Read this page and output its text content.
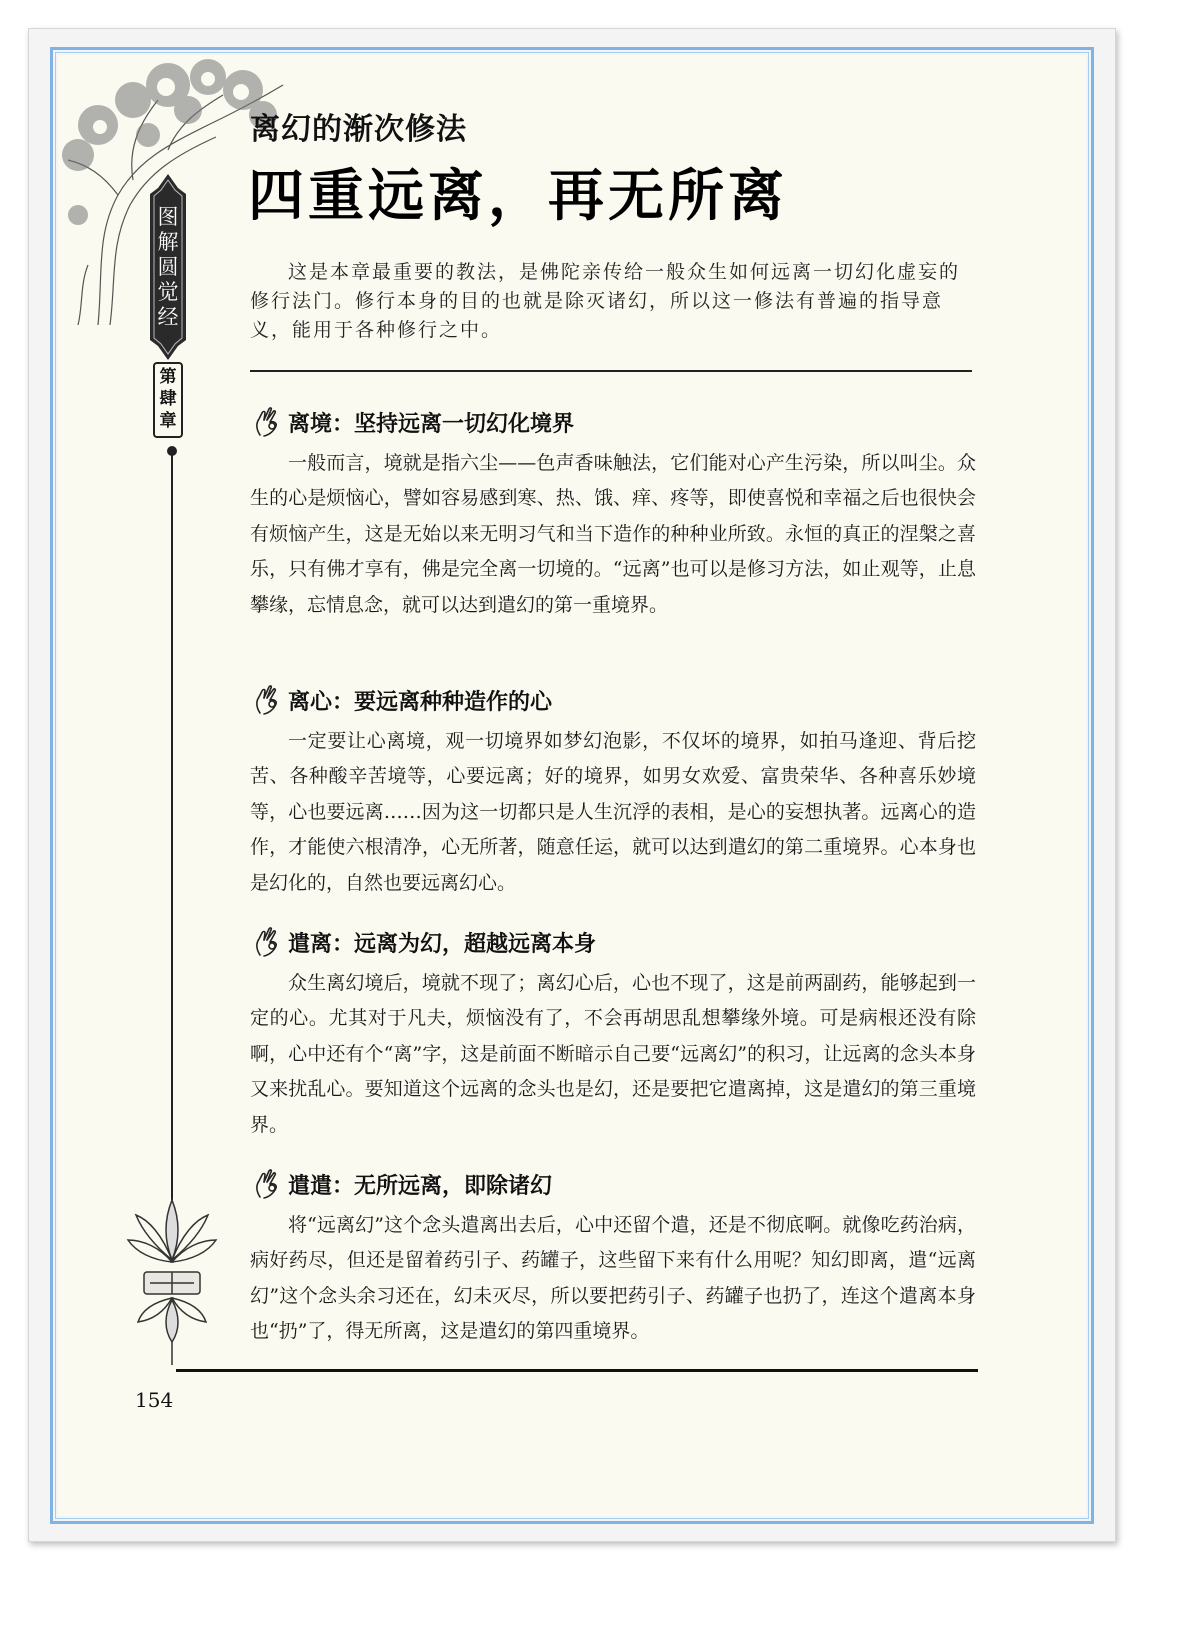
图
解
圆
觉
经
第
肆
章
离幻的渐次修法
四重远离，再无所离
这是本章最重要的教法，是佛陀亲传给一般众生如何远离一切幻化虚妄的修行法门。修行本身的目的也就是除灭诸幻，所以这一修法有普遍的指导意义，能用于各种修行之中。
离境：坚持远离一切幻化境界
一般而言，境就是指六尘——色声香味触法，它们能对心产生污染，所以叫尘。众生的心是烦恼心，譬如容易感到寒、热、饿、痒、疼等，即使喜悦和幸福之后也很快会有烦恼产生，这是无始以来无明习气和当下造作的种种业所致。永恒的真正的涅槃之喜乐，只有佛才享有，佛是完全离一切境的。“远离”也可以是修习方法，如止观等，止息攀缘，忘情息念，就可以达到遣幻的第一重境界。
离心：要远离种种造作的心
一定要让心离境，观一切境界如梦幻泡影，不仅坏的境界，如拍马逢迎、背后挖苦、各种酸辛苦境等，心要远离；好的境界，如男女欢爱、富贵荣华、各种喜乐妙境等，心也要远离……因为这一切都只是人生沉浮的表相，是心的妄想执著。远离心的造作，才能使六根清净，心无所著，随意任运，就可以达到遣幻的第二重境界。心本身也是幻化的，自然也要远离幻心。
遣离：远离为幻，超越远离本身
众生离幻境后，境就不现了；离幻心后，心也不现了，这是前两副药，能够起到一定的心。尤其对于凡夫，烦恼没有了，不会再胡思乱想攀缘外境。可是病根还没有除啊，心中还有个“离”字，这是前面不断暗示自己要“远离幻”的积习，让远离的念头本身又来扰乱心。要知道这个远离的念头也是幻，还是要把它遣离掉，这是遣幻的第三重境界。
遣遣：无所远离，即除诸幻
将“远离幻”这个念头遣离出去后，心中还留个遣，还是不彻底啊。就像吃药治病，病好药尽，但还是留着药引子、药罐子，这些留下来有什么用呢？知幻即离，遣“远离幻”这个念头余习还在，幻未灭尽，所以要把药引子、药罐子也扔了，连这个遣离本身也“扔”了，得无所离，这是遣幻的第四重境界。
154
